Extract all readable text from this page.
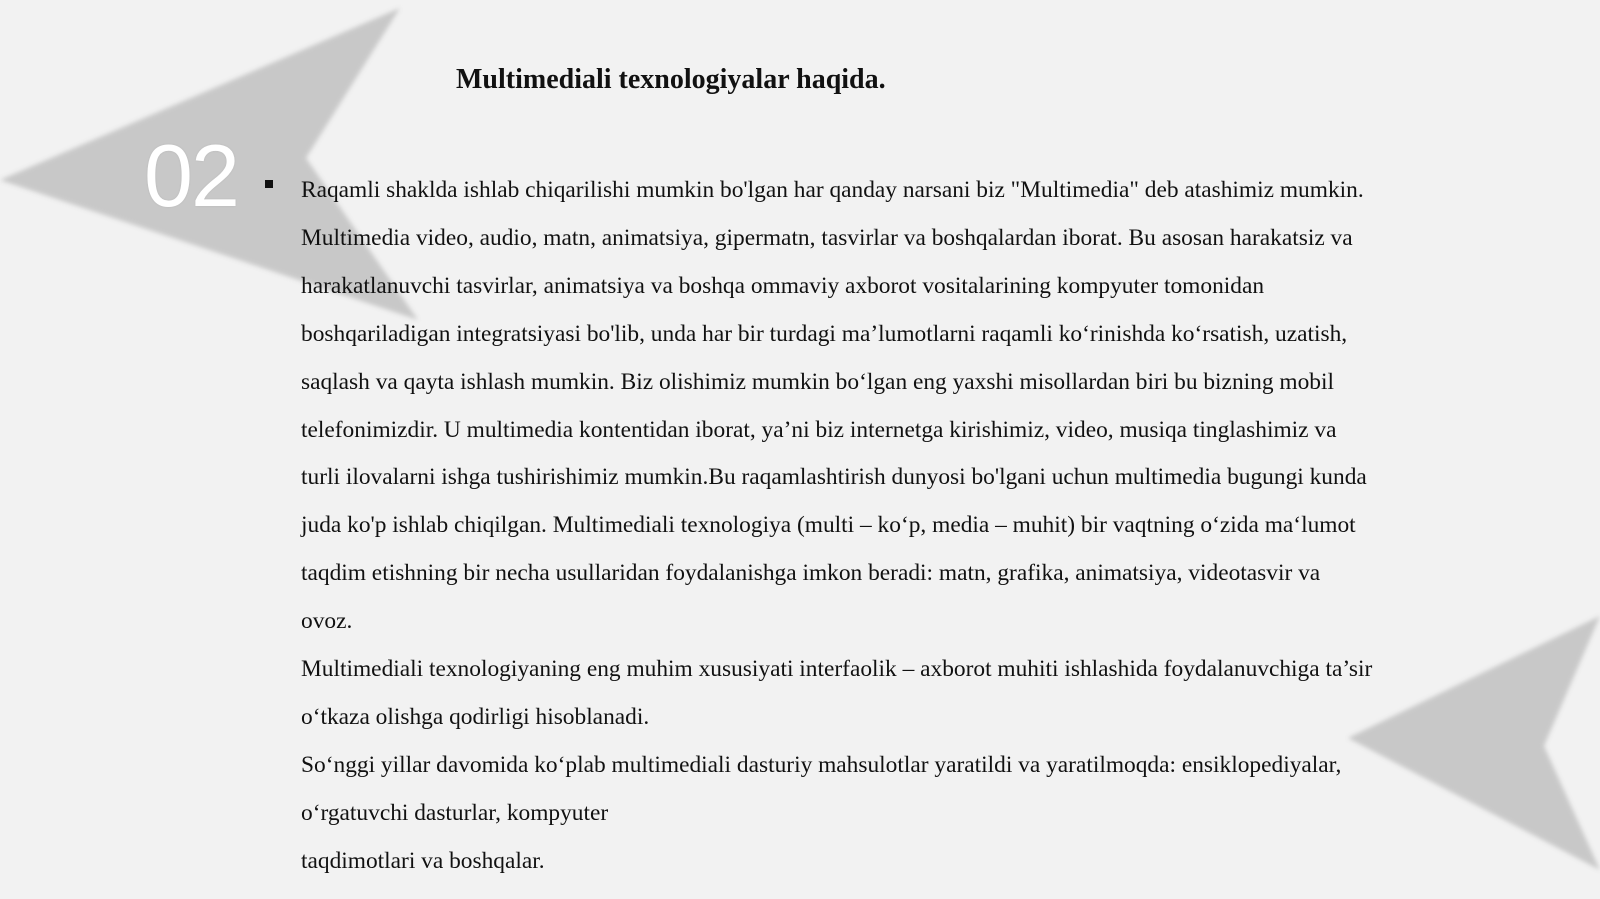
02
Multimediali texnologiyalar haqida.
Raqamli shaklda ishlab chiqarilishi mumkin bo'lgan har qanday narsani biz "Multimedia" deb atashimiz mumkin.
Multimedia video, audio, matn, animatsiya, gipermatn, tasvirlar va boshqalardan iborat. Bu asosan harakatsiz va
harakatlanuvchi tasvirlar, animatsiya va boshqa ommaviy axborot vositalarining kompyuter tomonidan
boshqariladigan integratsiyasi bo'lib, unda har bir turdagi ma’lumotlarni raqamli koʻrinishda koʻrsatish, uzatish,
saqlash va qayta ishlash mumkin. Biz olishimiz mumkin boʻlgan eng yaxshi misollardan biri bu bizning mobil
telefonimizdir. U multimedia kontentidan iborat, ya’ni biz internetga kirishimiz, video, musiqa tinglashimiz va
turli ilovalarni ishga tushirishimiz mumkin.Bu raqamlashtirish dunyosi bo'lgani uchun multimedia bugungi kunda
juda ko'p ishlab chiqilgan. Multimediali texnologiya (multi – koʻp, media – muhit) bir vaqtning oʻzida maʻlumot
taqdim etishning bir necha usullaridan foydalanishga imkon beradi: matn, grafika, animatsiya, videotasvir va
ovoz.
Multimediali texnologiyaning eng muhim xususiyati interfaolik – axborot muhiti ishlashida foydalanuvchiga ta’sir
oʻtkaza olishga qodirligi hisoblanadi.
Soʻnggi yillar davomida koʻplab multimediali dasturiy mahsulotlar yaratildi va yaratilmoqda: ensiklopediyalar,
oʻrgatuvchi dasturlar, kompyuter
taqdimotlari va boshqalar.
